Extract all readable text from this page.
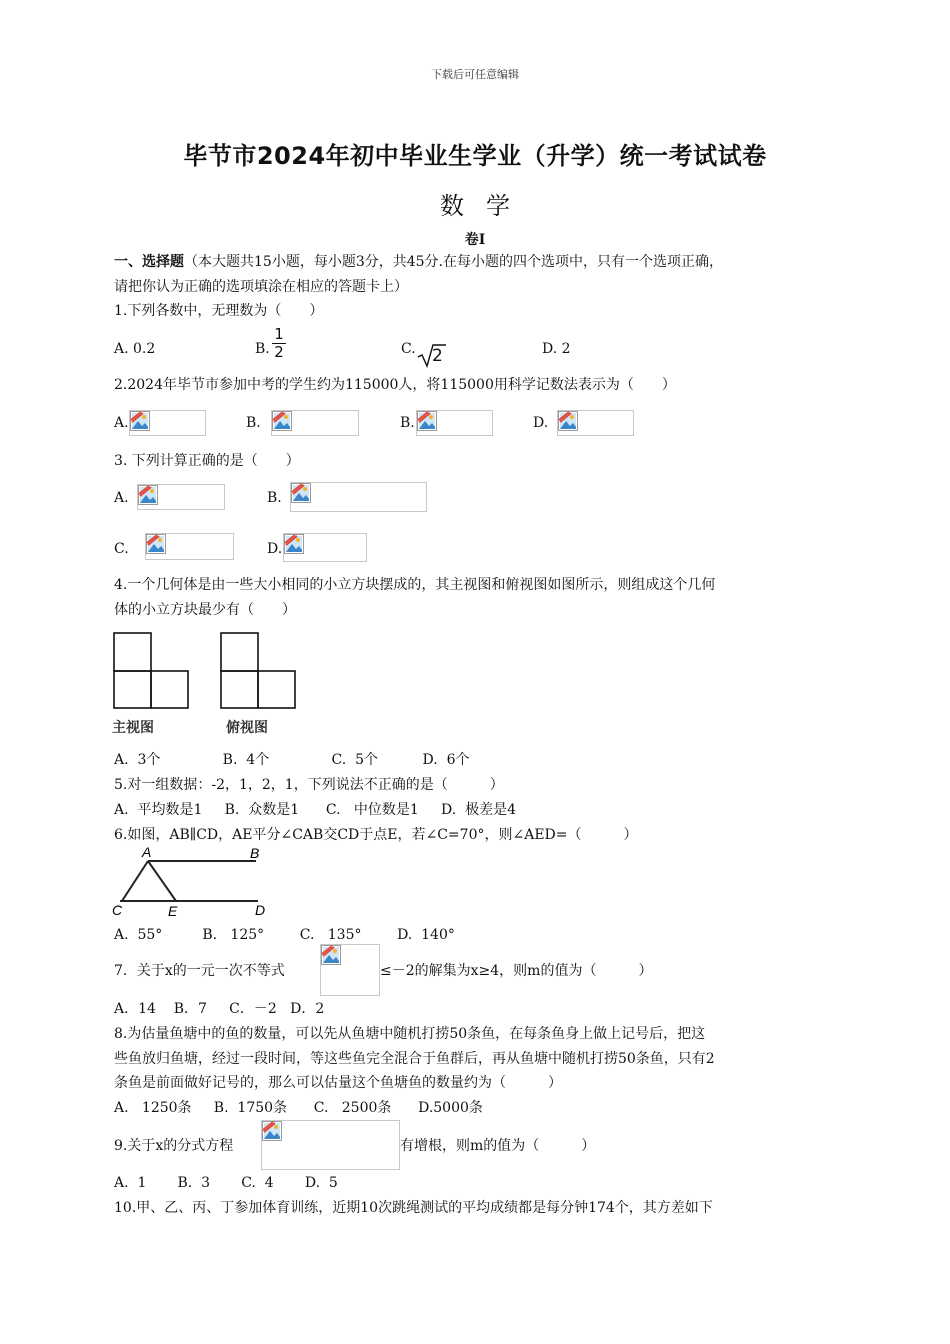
下载后可任意编辑
毕节市2024年初中毕业生学业（升学）统一考试试卷
数学
卷Ⅰ
一、选择题（本大题共15小题，每小题3分，共45分.在每小题的四个选项中，只有一个选项正确，
请把你认为正确的选项填涂在相应的答题卡上）
1.下列各数中，无理数为（　　）
A. 0.2	B. $\frac{1}{2}$	C. 2	D. 2
2.2024年毕节市参加中考的学生约为115000人，将115000用科学记数法表示为（　　）
A.	B.	B.	D.
3. 下列计算正确的是（　　）
A.	B.
C.	D.
4.一个几何体是由一些大小相同的小立方块摆成的，其主视图和俯视图如图所示，则组成这个几何
体的小立方块最少有（　　）
主视图	俯视图
A.  3个              B.  4个              C.  5个          D.  6个
5.对一组数据：-2，1，2，1，下列说法不正确的是（　　　）
A.  平均数是1     B.  众数是1      C.   中位数是1     D.  极差是4
6.如图，AB∥CD，AE平分∠CAB交CD于点E，若∠C=70°，则∠AED=（　　　）
A	B
C	E	D
A.  55°         B.   125°        C.   135°        D.  140°
7．关于x的一元一次不等式	≤－2的解集为x≥4，则m的值为（　　　）
A．14    B．7     C．－2   D．2
8.为估量鱼塘中的鱼的数量，可以先从鱼塘中随机打捞50条鱼，在每条鱼身上做上记号后，把这
些鱼放归鱼塘，经过一段时间，等这些鱼完全混合于鱼群后，再从鱼塘中随机打捞50条鱼，只有2
条鱼是前面做好记号的，那么可以估量这个鱼塘鱼的数量约为（　　　）
A.   1250条     B.  1750条      C.   2500条      D.5000条
9.关于x的分式方程	有增根，则m的值为（　　　）
A.  1       B.  3       C.  4       D.  5
10.甲、乙、丙、丁参加体育训练，近期10次跳绳测试的平均成绩都是每分钟174个，其方差如下
